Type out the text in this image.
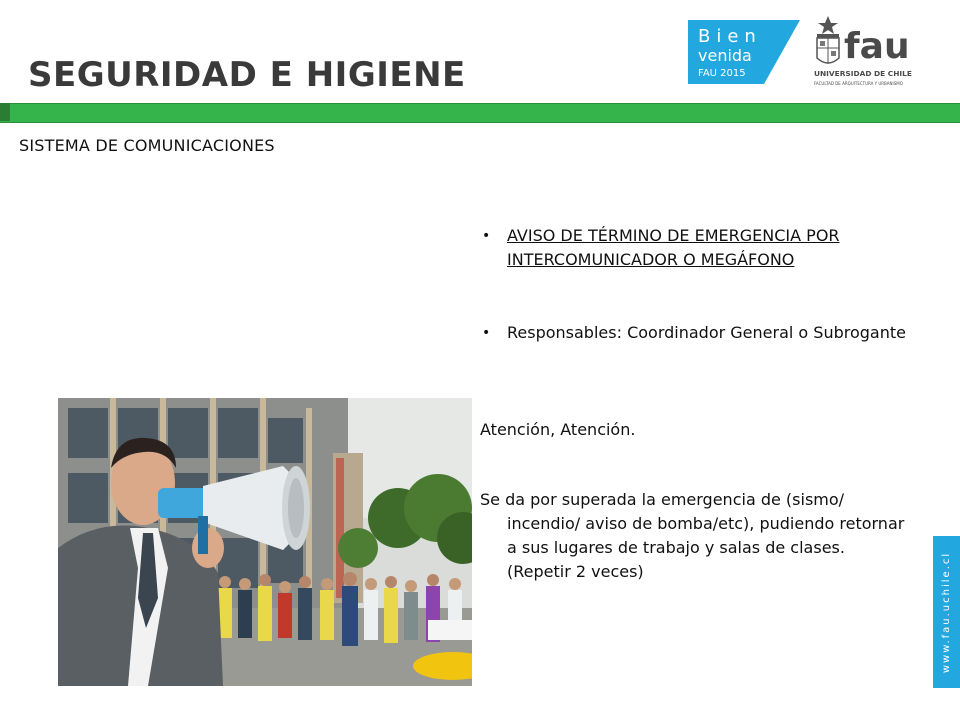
SEGURIDAD E HIGIENE

SISTEMA DE COMUNICACIONES

Bien
venida
FAU 2015
fau
UNIVERSIDAD DE CHILE
FACULTAD DE ARQUITECTURA Y URBANISMO
• AVISO DE TÉRMINO DE EMERGENCIA POR INTERCOMUNICADOR O MEGÁFONO
• Responsables: Coordinador General o Subrogante
Atención, Atención.
Se da por superada la emergencia de (sismo/ incendio/ aviso de bomba/etc), pudiendo retornar a sus lugares de trabajo y salas de clases. (Repetir 2 veces)	www.fau.uchile.cl
